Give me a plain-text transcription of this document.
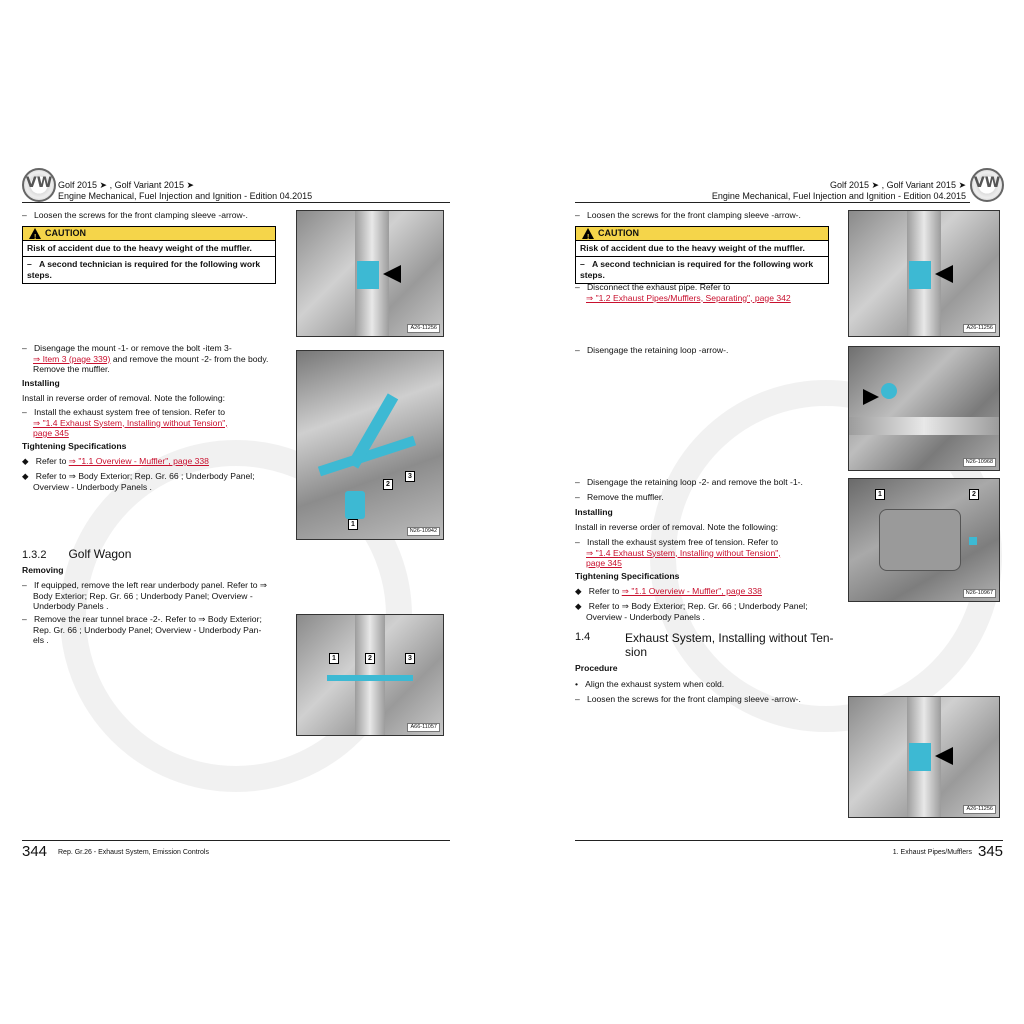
VW Golf 2015 ➤ , Golf Variant 2015 ➤
Engine Mechanical, Fuel Injection and Ignition - Edition 04.2015
–   Loosen the screws for the front clamping sleeve -arrow-.
! CAUTION
Risk of accident due to the heavy weight of the muffler.
–   A second technician is required for the following work steps.
A26-11256
–   Disengage the mount -1- or remove the bolt -item 3-
⇒ Item 3 (page 339) and remove the mount -2- from the body.
Remove the muffler.
Installing
Install in reverse order of removal. Note the following:
–   Install the exhaust system free of tension. Refer to
⇒ "1.4 Exhaust System, Installing without Tension",
page 345
Tightening Specifications
◆   Refer to ⇒ "1.1 Overview - Muffler", page 338
◆   Refer to ⇒ Body Exterior; Rep. Gr. 66 ; Underbody Panel;
Overview - Underbody Panels .
1
2
3
N26-10942
1.3.2 Golf Wagon
Removing
–   If equipped, remove the left rear underbody panel. Refer to ⇒
Body Exterior; Rep. Gr. 66 ; Underbody Panel; Overview -
Underbody Panels .
–   Remove the rear tunnel brace -2-. Refer to ⇒ Body Exterior;
Rep. Gr. 66 ; Underbody Panel; Overview - Underbody Pan-
els .
1	2	3
A66-11057
344 Rep. Gr.26 - Exhaust System, Emission Controls
Golf 2015 ➤ , Golf Variant 2015 ➤
Engine Mechanical, Fuel Injection and Ignition - Edition 04.2015
VW
–   Loosen the screws for the front clamping sleeve -arrow-.
! CAUTION
Risk of accident due to the heavy weight of the muffler.
–   A second technician is required for the following work steps.
A26-11256
–   Disconnect the exhaust pipe. Refer to
⇒ "1.2 Exhaust Pipes/Mufflers, Separating", page 342
–   Disengage the retaining loop -arrow-.
N26-10968
–   Disengage the retaining loop -2- and remove the bolt -1-.
–   Remove the muffler.
Installing
Install in reverse order of removal. Note the following:
–   Install the exhaust system free of tension. Refer to
⇒ "1.4 Exhaust System, Installing without Tension",
page 345
Tightening Specifications
◆   Refer to ⇒ "1.1 Overview - Muffler", page 338
◆   Refer to ⇒ Body Exterior; Rep. Gr. 66 ; Underbody Panel;
Overview - Underbody Panels .
1	2
N26-10967
1.4	Exhaust System, Installing without Ten-
sion
Procedure
•   Align the exhaust system when cold.
–   Loosen the screws for the front clamping sleeve -arrow-.
A26-11256
1. Exhaust Pipes/Mufflers 345
